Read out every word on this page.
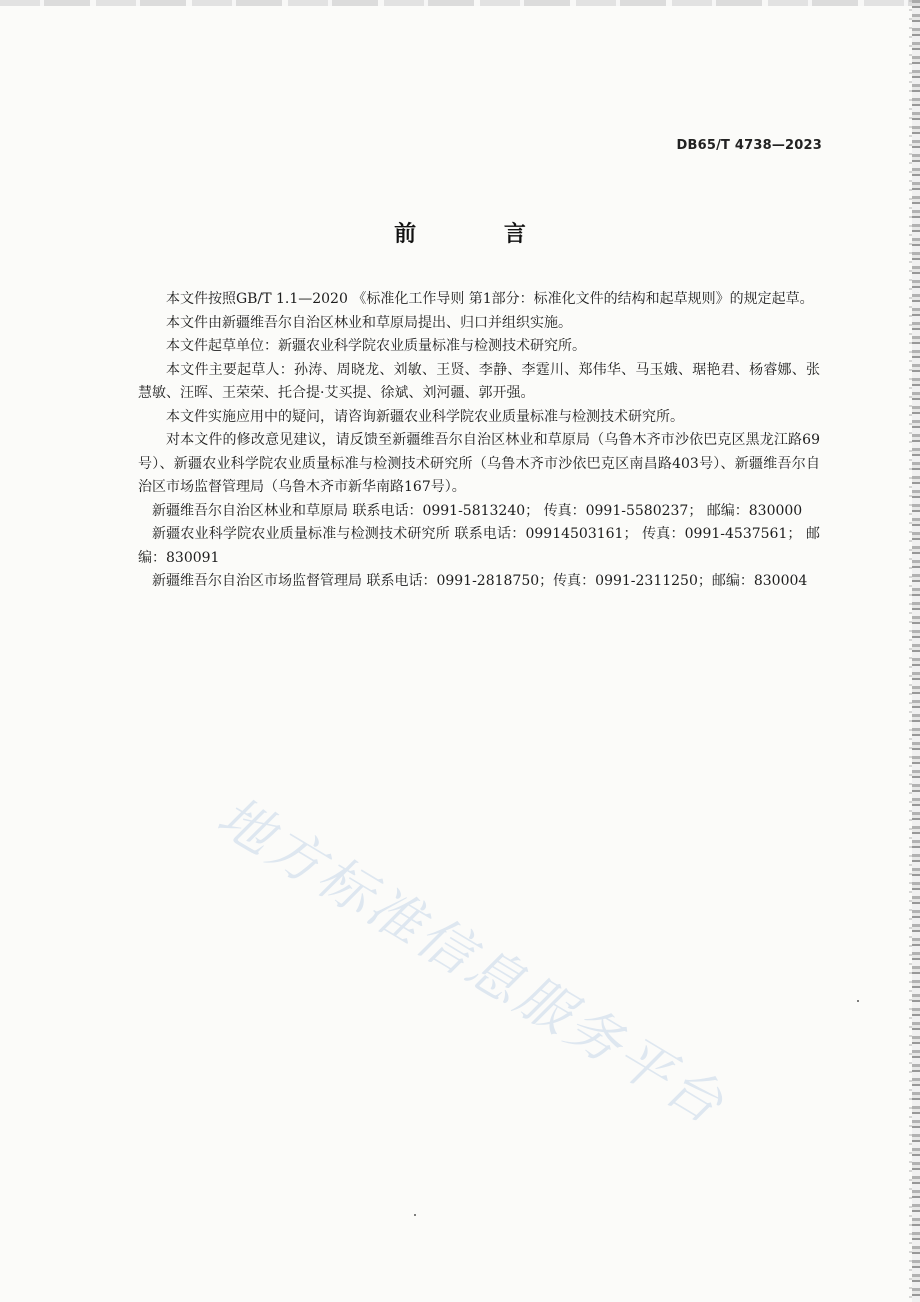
DB65/T 4738—2023
前 言

本文件按照GB/T 1.1—2020 《标准化工作导则 第1部分：标准化文件的结构和起草规则》的规定起草。

本文件由新疆维吾尔自治区林业和草原局提出、归口并组织实施。

本文件起草单位：新疆农业科学院农业质量标准与检测技术研究所。

本文件主要起草人：孙涛、周晓龙、刘敏、王贤、李静、李霆川、郑伟华、马玉娥、琚艳君、杨睿娜、张慧敏、汪晖、王荣荣、托合提·艾买提、徐斌、刘河疆、郭开强。

本文件实施应用中的疑问，请咨询新疆农业科学院农业质量标准与检测技术研究所。

对本文件的修改意见建议，请反馈至新疆维吾尔自治区林业和草原局（乌鲁木齐市沙依巴克区黑龙江路69号）、新疆农业科学院农业质量标准与检测技术研究所（乌鲁木齐市沙依巴克区南昌路403号）、新疆维吾尔自治区市场监督管理局（乌鲁木齐市新华南路167号）。

新疆维吾尔自治区林业和草原局 联系电话：0991-5813240； 传真：0991-5580237； 邮编：830000

新疆农业科学院农业质量标准与检测技术研究所 联系电话：09914503161； 传真：0991-4537561； 邮编：830091

新疆维吾尔自治区市场监督管理局 联系电话：0991-2818750；传真：0991-2311250；邮编：830004

地方标准信息服务平台
